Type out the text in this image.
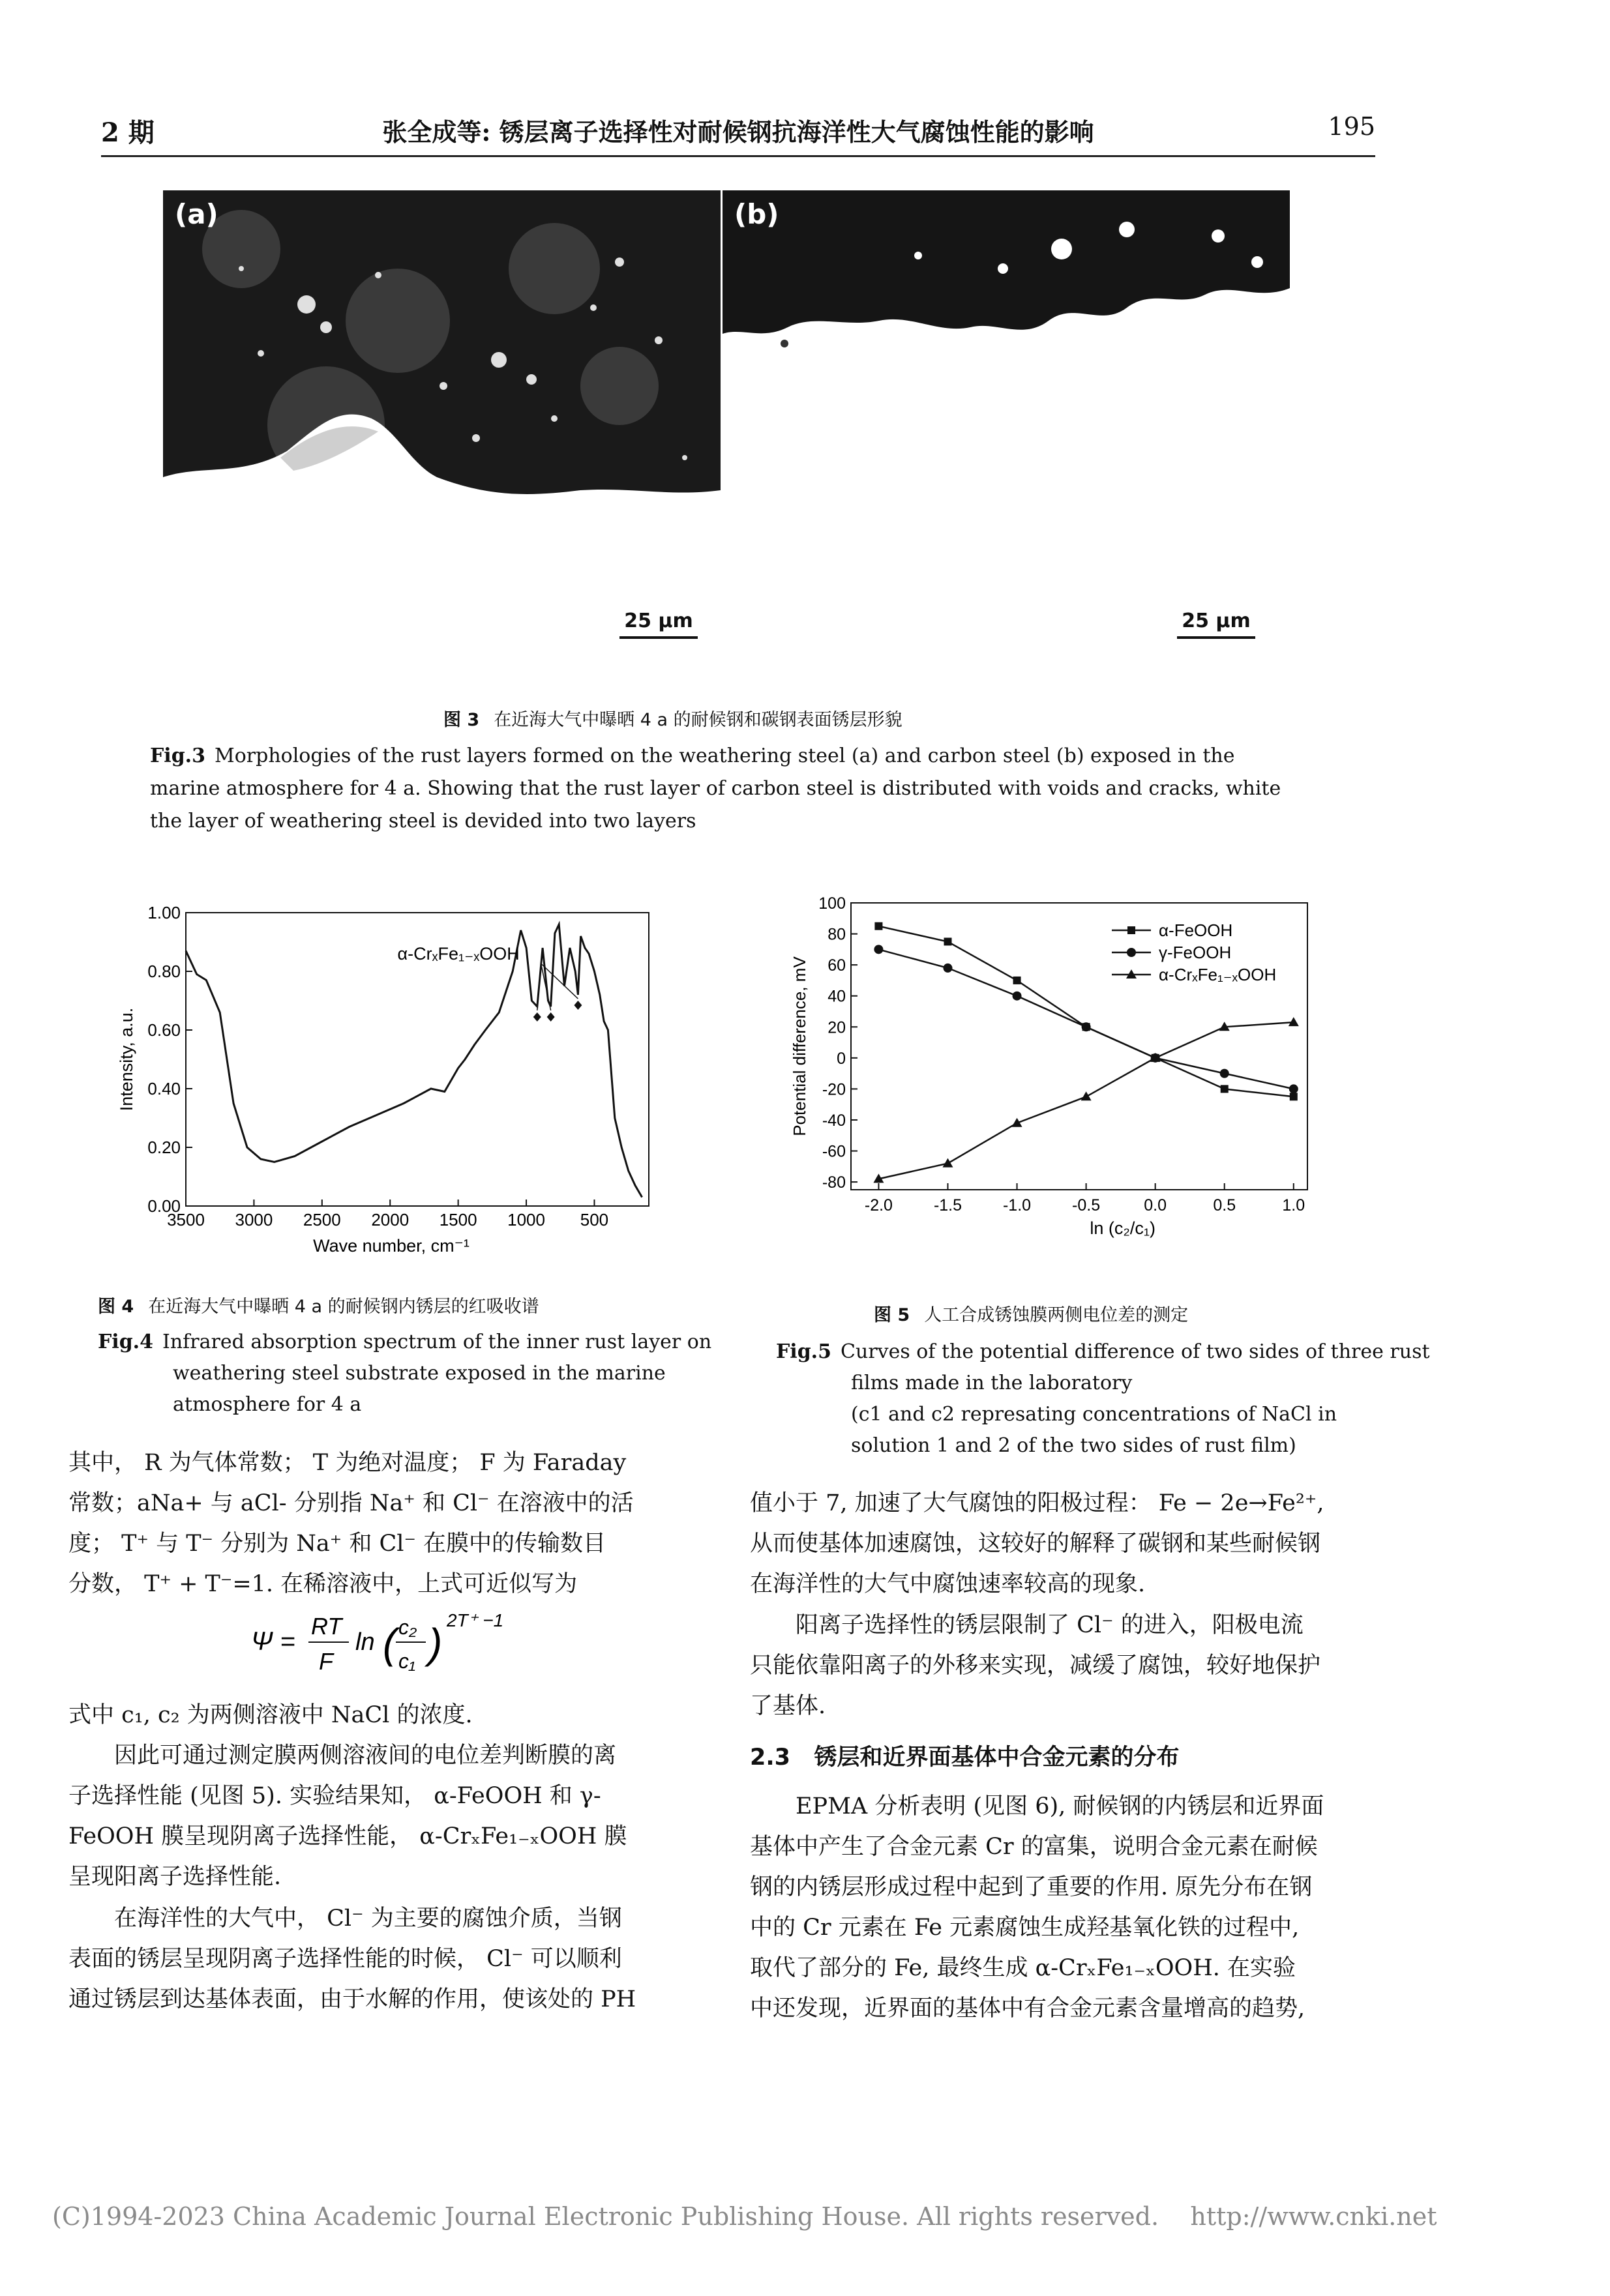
2 期	张全成等: 锈层离子选择性对耐候钢抗海洋性大气腐蚀性能的影响	195
(a)
25 μm
(b)
25 μm
图 3 在近海大气中曝晒 4 a 的耐候钢和碳钢表面锈层形貌
Fig.3 Morphologies of the rust layers formed on the weathering steel (a) and carbon steel (b) exposed in the marine atmosphere for 4 a. Showing that the rust layer of carbon steel is distributed with voids and cracks, white the layer of weathering steel is devided into two layers
0.00
0.20
0.40
0.60
0.80
1.00
3500 3000 2500 2000 1500 1000 500
Wave number, cm⁻¹
Intensity, a.u.
α-CrₓFe₁₋ₓOOH
100
80
60
40
20
0
-20
-40
-60
-80
-2.0	-1.5	-1.0	-0.5	0.0	0.5	1.0
ln (c₂/c₁)
Potential difference, mV
α-FeOOH
γ-FeOOH
α-CrₓFe₁₋ₓOOH
图 4 在近海大气中曝晒 4 a 的耐候钢内锈层的红吸收谱
Fig.4 Infrared absorption spectrum of the inner rust layer on weathering steel substrate exposed in the marine atmosphere for 4 a
图 5 人工合成锈蚀膜两侧电位差的测定
Fig.5 Curves of the potential difference of two sides of three rust films made in the laboratory
(c1 and c2 represating concentrations of NaCl in solution 1 and 2 of the two sides of rust film)

其中， R 为气体常数； T 为绝对温度； F 为 Faraday

常数；aNa+ 与 aCl- 分别指 Na⁺ 和 Cl⁻ 在溶液中的活

度； T⁺ 与 T⁻ 分别为 Na⁺ 和 Cl⁻ 在膜中的传输数目

分数， T⁺ + T⁻=1. 在稀溶液中，上式可近似写为

Ψ =
RT
F
ln ( c₂
c₁ ) 2T⁺ −1

式中 c₁, c₂ 为两侧溶液中 NaCl 的浓度.

因此可通过测定膜两侧溶液间的电位差判断膜的离

子选择性能 (见图 5). 实验结果知， α-FeOOH 和 γ-

FeOOH 膜呈现阴离子选择性能， α-CrₓFe₁₋ₓOOH 膜

呈现阳离子选择性能.

在海洋性的大气中， Cl⁻ 为主要的腐蚀介质，当钢

表面的锈层呈现阴离子选择性能的时候， Cl⁻ 可以顺利

通过锈层到达基体表面，由于水解的作用，使该处的 PH

值小于 7, 加速了大气腐蚀的阳极过程： Fe − 2e→Fe²⁺,

从而使基体加速腐蚀，这较好的解释了碳钢和某些耐候钢

在海洋性的大气中腐蚀速率较高的现象.

阳离子选择性的锈层限制了 Cl⁻ 的进入，阳极电流

只能依靠阳离子的外移来实现，减缓了腐蚀，较好地保护

了基体.

2.3   锈层和近界面基体中合金元素的分布

EPMA 分析表明 (见图 6), 耐候钢的内锈层和近界面

基体中产生了合金元素 Cr 的富集，说明合金元素在耐候

钢的内锈层形成过程中起到了重要的作用. 原先分布在钢

中的 Cr 元素在 Fe 元素腐蚀生成羟基氧化铁的过程中,

取代了部分的 Fe, 最终生成 α-CrₓFe₁₋ₓOOH. 在实验

中还发现，近界面的基体中有合金元素含量增高的趋势,

(C)1994-2023 China Academic Journal Electronic Publishing House. All rights reserved.    http://www.cnki.net
